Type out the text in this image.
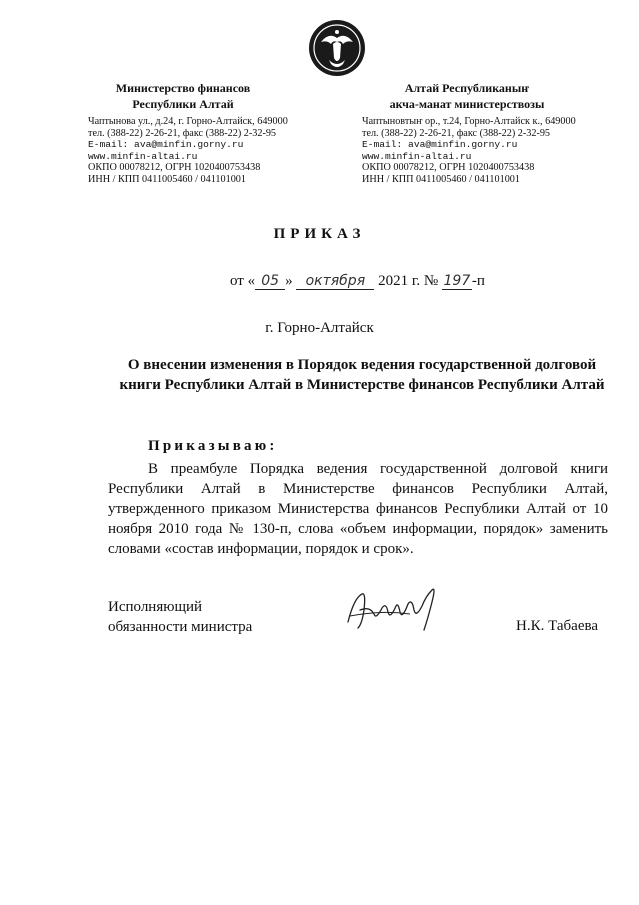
Министерство финансов
Республики Алтай
Чаптынова ул., д.24, г. Горно-Алтайск, 649000
тел. (388-22) 2-26-21, факс (388-22) 2-32-95
E-mail: ava@minfin.gorny.ru
www.minfin-altai.ru
ОКПО 00078212, ОГРН 1020400753438
ИНН / КПП 0411005460 / 041101001
Алтай Республиканыҥ
акча-манат министерствозы
Чаптыновтыҥ ор., т.24, Горно-Алтайск к., 649000
тел. (388-22) 2-26-21, факс (388-22) 2-32-95
E-mail: ava@minfin.gorny.ru
www.minfin-altai.ru
ОКПО 00078212, ОГРН 1020400753438
ИНН / КПП 0411005460 / 041101001
ПРИКАЗ
от « 05 » октября 2021 г. № 197 -п
г. Горно-Алтайск
О внесении изменения в Порядок ведения государственной долговой книги Республики Алтай в Министерстве финансов Республики Алтай
Приказываю:
В преамбуле Порядка ведения государственной долговой книги Республики Алтай в Министерстве финансов Республики Алтай, утвержденного приказом Министерства финансов Республики Алтай от 10 ноября 2010 года № 130-п, слова «объем информации, порядок» заменить словами «состав информации, порядок и срок».
Исполняющий
обязанности министра	Н.К. Табаева
